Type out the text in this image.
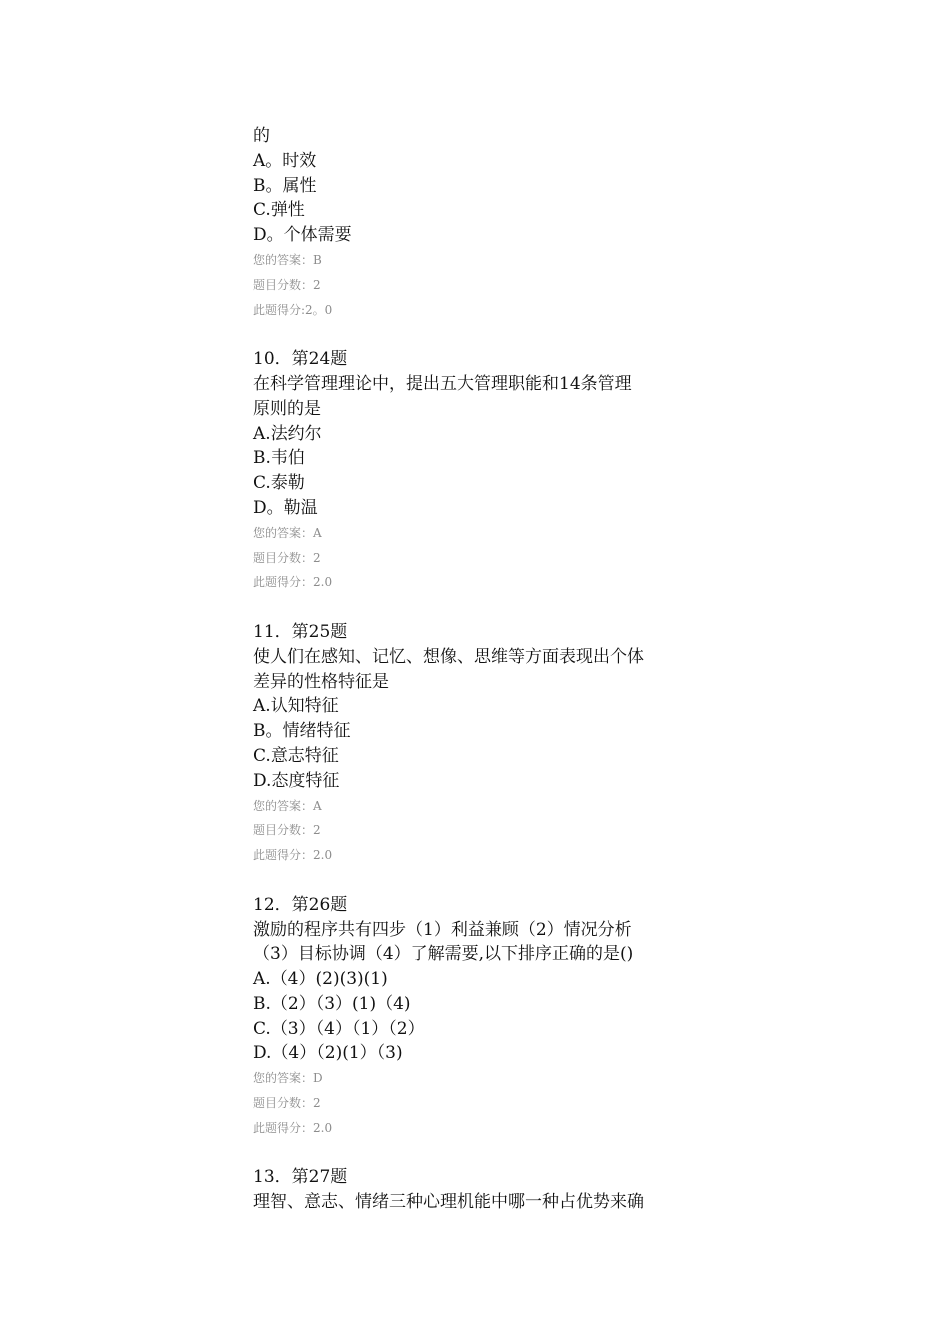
的
A。时效
B。属性
C.弹性
D。个体需要
您的答案：B
题目分数：2
此题得分:2。0
10．第24题
在科学管理理论中，提出五大管理职能和14条管理
原则的是
A.法约尔
B.韦伯
C.泰勒
D。勒温
您的答案：A
题目分数：2
此题得分：2.0
11．第25题
使人们在感知、记忆、想像、思维等方面表现出个体
差异的性格特征是
A.认知特征
B。情绪特征
C.意志特征
D.态度特征
您的答案：A
题目分数：2
此题得分：2.0
12．第26题
激励的程序共有四步（1）利益兼顾（2）情况分析
（3）目标协调（4）了解需要,以下排序正确的是()
A.（4）(2)(3)(1)
B.（2）（3）(1)（4)
C.（3）（4）（1）（2）
D.（4）（2)(1）（3)
您的答案：D
题目分数：2
此题得分：2.0
13．第27题
理智、意志、情绪三种心理机能中哪一种占优势来确
